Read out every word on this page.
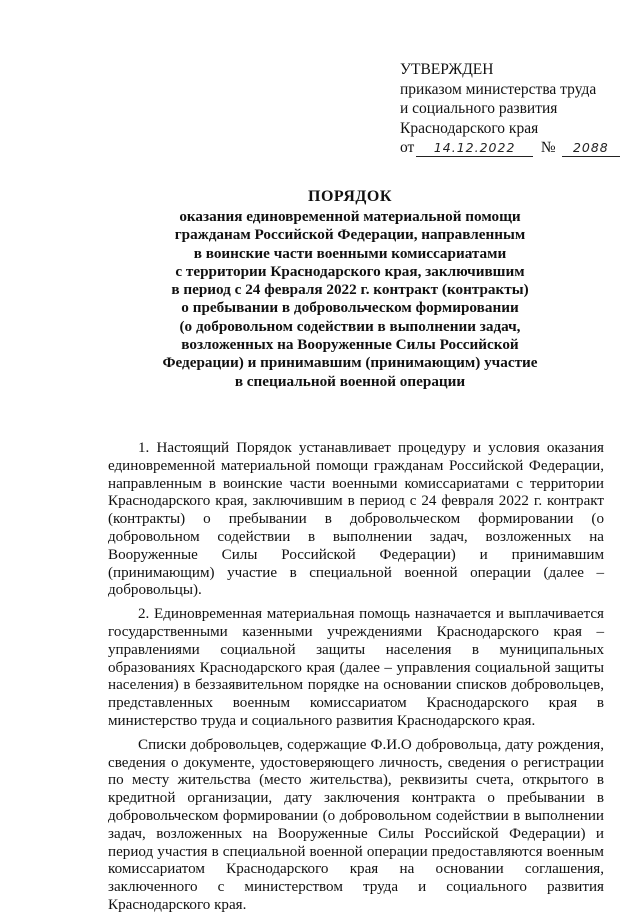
УТВЕРЖДЕН
приказом министерства труда
и социального развития
Краснодарского края
от	14.12.2022	№	2088
ПОРЯДОК

оказания единовременной материальной помощи

гражданам Российской Федерации, направленным

в воинские части военными комиссариатами

с территории Краснодарского края, заключившим

в период с 24 февраля 2022 г. контракт (контракты)

о пребывании в добровольческом формировании

(о добровольном содействии в выполнении задач,

возложенных на Вооруженные Силы Российской

Федерации) и принимавшим (принимающим) участие

в специальной военной операции

1. Настоящий Порядок устанавливает процедуру и условия оказания единовременной материальной помощи гражданам Российской Федерации, направленным в воинские части военными комиссариатами с территории Краснодарского края, заключившим в период с 24 февраля 2022 г. контракт (контракты) о пребывании в добровольческом формировании (о добровольном содействии в выполнении задач, возложенных на Вооруженные Силы Российской Федерации) и принимавшим (принимающим) участие в специальной военной операции (далее – добровольцы).

2. Единовременная материальная помощь назначается и выплачивается государственными казенными учреждениями Краснодарского края – управлениями социальной защиты населения в муниципальных образованиях Краснодарского края (далее – управления социальной защиты населения) в беззаявительном порядке на основании списков добровольцев, представленных военным комиссариатом Краснодарского края в министерство труда и социального развития Краснодарского края.

Списки добровольцев, содержащие Ф.И.О добровольца, дату рождения, сведения о документе, удостоверяющего личность, сведения о регистрации по месту жительства (место жительства), реквизиты счета, открытого в кредитной организации, дату заключения контракта о пребывании в добровольческом формировании (о добровольном содействии в выполнении задач, возложенных на Вооруженные Силы Российской Федерации) и период участия в специальной военной операции предоставляются военным комиссариатом Краснодарского края на основании соглашения, заключенного с министерством труда и социального развития Краснодарского края.
